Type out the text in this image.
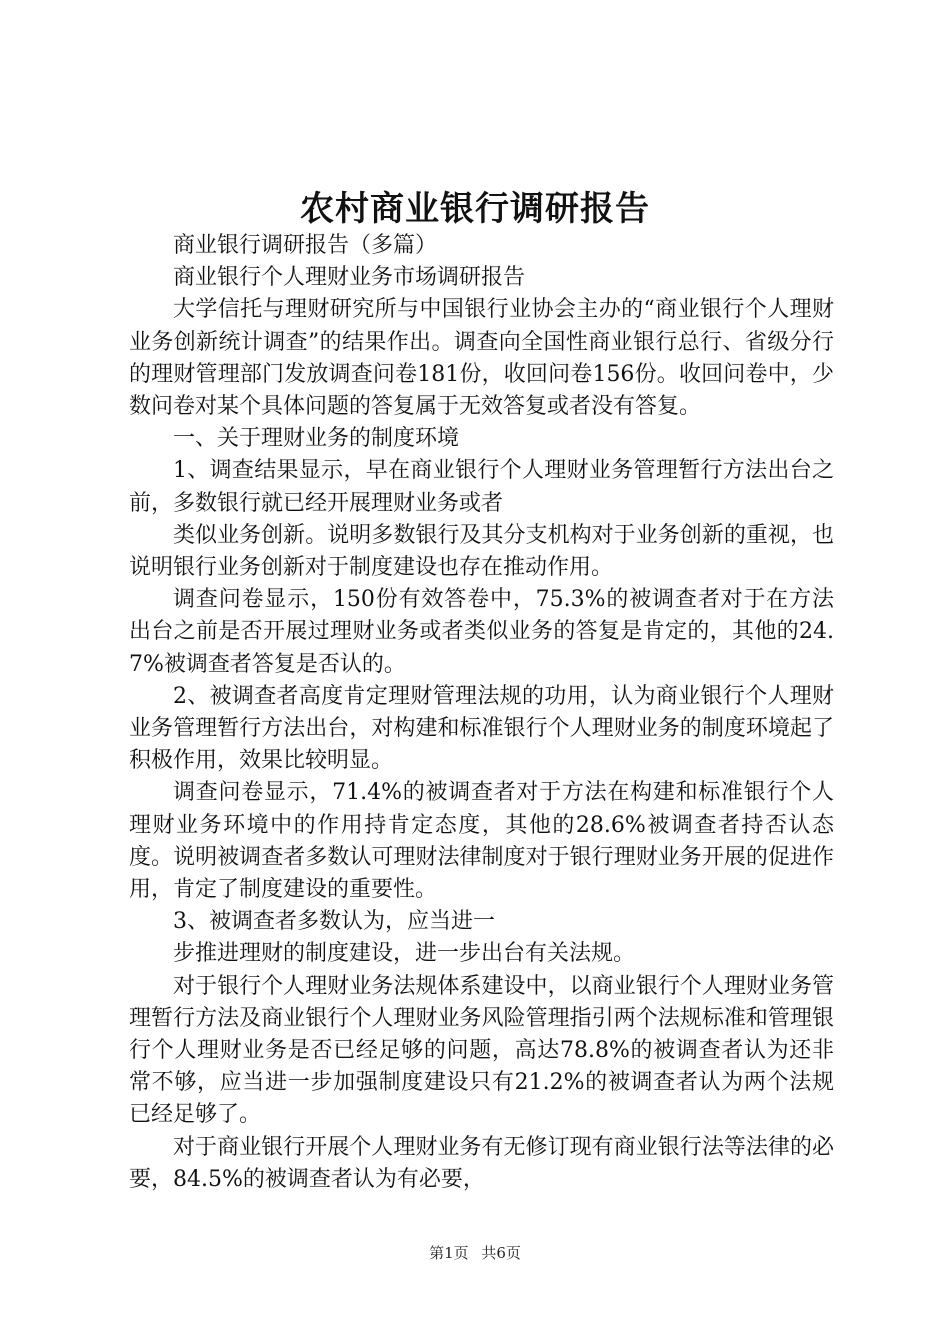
农村商业银行调研报告

商业银行调研报告（多篇）

商业银行个人理财业务市场调研报告

大学信托与理财研究所与中国银行业协会主办的“商业银行个人理财业务创新统计调查”的结果作出。调查向全国性商业银行总行、省级分行的理财管理部门发放调查问卷181份，收回问卷156份。收回问卷中，少数问卷对某个具体问题的答复属于无效答复或者没有答复。

一、关于理财业务的制度环境

1、调查结果显示，早在商业银行个人理财业务管理暂行方法出台之前，多数银行就已经开展理财业务或者

类似业务创新。说明多数银行及其分支机构对于业务创新的重视，也说明银行业务创新对于制度建设也存在推动作用。

调查问卷显示，150份有效答卷中，75.3%的被调查者对于在方法出台之前是否开展过理财业务或者类似业务的答复是肯定的，其他的24.7%被调查者答复是否认的。

2、被调查者高度肯定理财管理法规的功用，认为商业银行个人理财业务管理暂行方法出台，对构建和标准银行个人理财业务的制度环境起了积极作用，效果比较明显。

调查问卷显示，71.4%的被调查者对于方法在构建和标准银行个人理财业务环境中的作用持肯定态度，其他的28.6%被调查者持否认态度。说明被调查者多数认可理财法律制度对于银行理财业务开展的促进作用，肯定了制度建设的重要性。

3、被调查者多数认为，应当进一

步推进理财的制度建设，进一步出台有关法规。

对于银行个人理财业务法规体系建设中，以商业银行个人理财业务管理暂行方法及商业银行个人理财业务风险管理指引两个法规标准和管理银行个人理财业务是否已经足够的问题，高达78.8%的被调查者认为还非常不够，应当进一步加强制度建设只有21.2%的被调查者认为两个法规已经足够了。

对于商业银行开展个人理财业务有无修订现有商业银行法等法律的必要，84.5%的被调查者认为有必要，

第1页 共6页
